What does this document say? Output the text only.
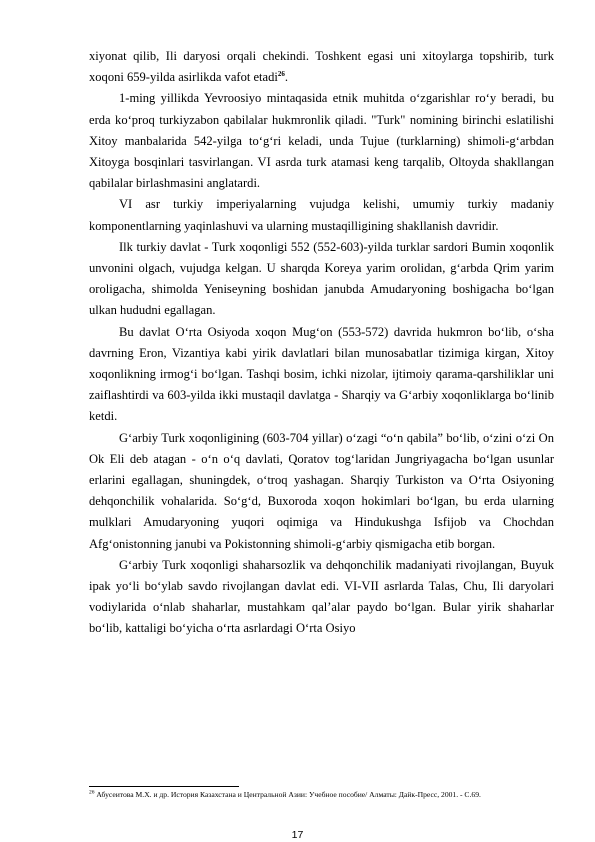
xiyonat qilib, Ili daryosi orqali chekindi. Toshkent egasi uni xitoylarga topshirib, turk xoqoni 659-yilda asirlikda vafot etadi$^{26}$.

1-ming yillikda Yevroosiyo mintaqasida etnik muhitda oʻzgarishlar roʻy beradi, bu erda koʻproq turkiyzabon qabilalar hukmronlik qiladi. "Turk" nomining birinchi eslatilishi Xitoy manbalarida 542-yilga toʻgʻri keladi, unda Tujue (turklarning) shimoli-gʻarbdan Xitoyga bosqinlari tasvirlangan. VI asrda turk atamasi keng tarqalib, Oltoyda shakllangan qabilalar birlashmasini anglatardi.

VI asr turkiy imperiyalarning vujudga kelishi, umumiy turkiy madaniy komponentlarning yaqinlashuvi va ularning mustaqilligining shakllanish davridir.

Ilk turkiy davlat - Turk xoqonligi 552 (552-603)-yilda turklar sardori Bumin xoqonlik unvonini olgach, vujudga kelgan. U sharqda Koreya yarim orolidan, gʻarbda Qrim yarim oroligacha, shimolda Yeniseyning boshidan janubda Amudaryoning boshigacha boʻlgan ulkan hududni egallagan.

Bu davlat Oʻrta Osiyoda xoqon Mugʻon (553-572) davrida hukmron boʻlib, oʻsha davrning Eron, Vizantiya kabi yirik davlatlari bilan munosabatlar tizimiga kirgan, Xitoy xoqonlikning irmogʻi boʻlgan. Tashqi bosim, ichki nizolar, ijtimoiy qarama-qarshiliklar uni zaiflashtirdi va 603-yilda ikki mustaqil davlatga - Sharqiy va Gʻarbiy xoqonliklarga boʻlinib ketdi.

Gʻarbiy Turk xoqonligining (603-704 yillar) oʻzagi “oʻn qabila” boʻlib, oʻzini oʻzi On Ok Eli deb atagan - oʻn oʻq davlati, Qoratov togʻlaridan Jungriyagacha boʻlgan usunlar erlarini egallagan, shuningdek, oʻtroq yashagan. Sharqiy Turkiston va Oʻrta Osiyoning dehqonchilik vohalarida. Soʻgʻd, Buxoroda xoqon hokimlari boʻlgan, bu erda ularning mulklari Amudaryoning yuqori oqimiga va Hindukushga Isfijob va Chochdan Afgʻonistonning janubi va Pokistonning shimoli-gʻarbiy qismigacha etib borgan.

Gʻarbiy Turk xoqonligi shaharsozlik va dehqonchilik madaniyati rivojlangan, Buyuk ipak yoʻli boʻylab savdo rivojlangan davlat edi. VI-VII asrlarda Talas, Chu, Ili daryolari vodiylarida oʻnlab shaharlar, mustahkam qalʼalar paydo boʻlgan. Bular yirik shaharlar boʻlib, kattaligi boʻyicha oʻrta asrlardagi Oʻrta Osiyo

$^{26}$ Абусеитова М.Х. и др. История Казахстана и Центральной Азии: Учебное пособие/ Алматы: Дайк-Пресс, 2001. - С.69.
17
